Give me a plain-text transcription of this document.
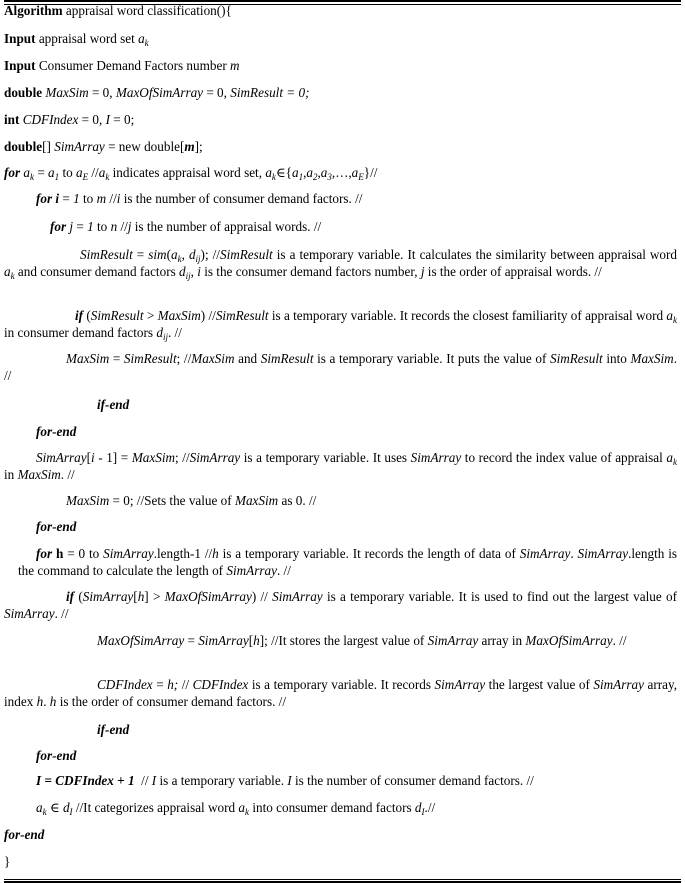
Algorithm appraisal word classification(){
Input appraisal word set $a_k$
Input Consumer Demand Factors number m
double MaxSim = 0, MaxOfSimArray = 0, SimResult = 0;
int CDFIndex = 0, I = 0;
double[] SimArray = new double[m];
for $a_k = a_1$ to $a_E$ $//a_k$ indicates appraisal word set, $a_k\in\{a_1,a_2,a_3,\dots,a_E\}//$
for i = 1 to m //i is the number of consumer demand factors. //
for j = 1 to n //j is the number of appraisal words. //
SimResult = $sim(a_k$, $d_{ij}$); //SimResult is a temporary variable. It calculates the similarity between appraisal word $a_k$ and consumer demand factors $d_{ij}$, i is the consumer demand factors number, j is the order of appraisal words. //
if (SimResult > MaxSim) //SimResult is a temporary variable. It records the closest familiarity of appraisal word $a_k$ in consumer demand factors $d_{ij}$. //
MaxSim = SimResult; //MaxSim and SimResult is a temporary variable. It puts the value of SimResult into MaxSim. //
if-end
for-end
SimArray[i - 1] = MaxSim; //SimArray is a temporary variable. It uses SimArray to record the index value of appraisal $a_k$ in MaxSim. //
MaxSim = 0; //Sets the value of MaxSim as 0. //
for-end
for h = 0 to SimArray.length-1 //h is a temporary variable. It records the length of data of SimArray. SimArray.length is the command to calculate the length of SimArray. //
if (SimArray[h] > MaxOfSimArray) // SimArray is a temporary variable. It is used to find out the largest value of SimArray. //
MaxOfSimArray = SimArray[h]; //It stores the largest value of SimArray array in MaxOfSimArray. //
CDFIndex = h; // CDFIndex is a temporary variable. It records SimArray the largest value of SimArray array, index h. h is the order of consumer demand factors. //
if-end
for-end
I = CDFIndex + 1  // I is a temporary variable. I is the number of consumer demand factors. //
$a_k$ ∈ $d_I$ //It categorizes appraisal word $a_k$ into consumer demand factors $d_I.//$
for-end
}
